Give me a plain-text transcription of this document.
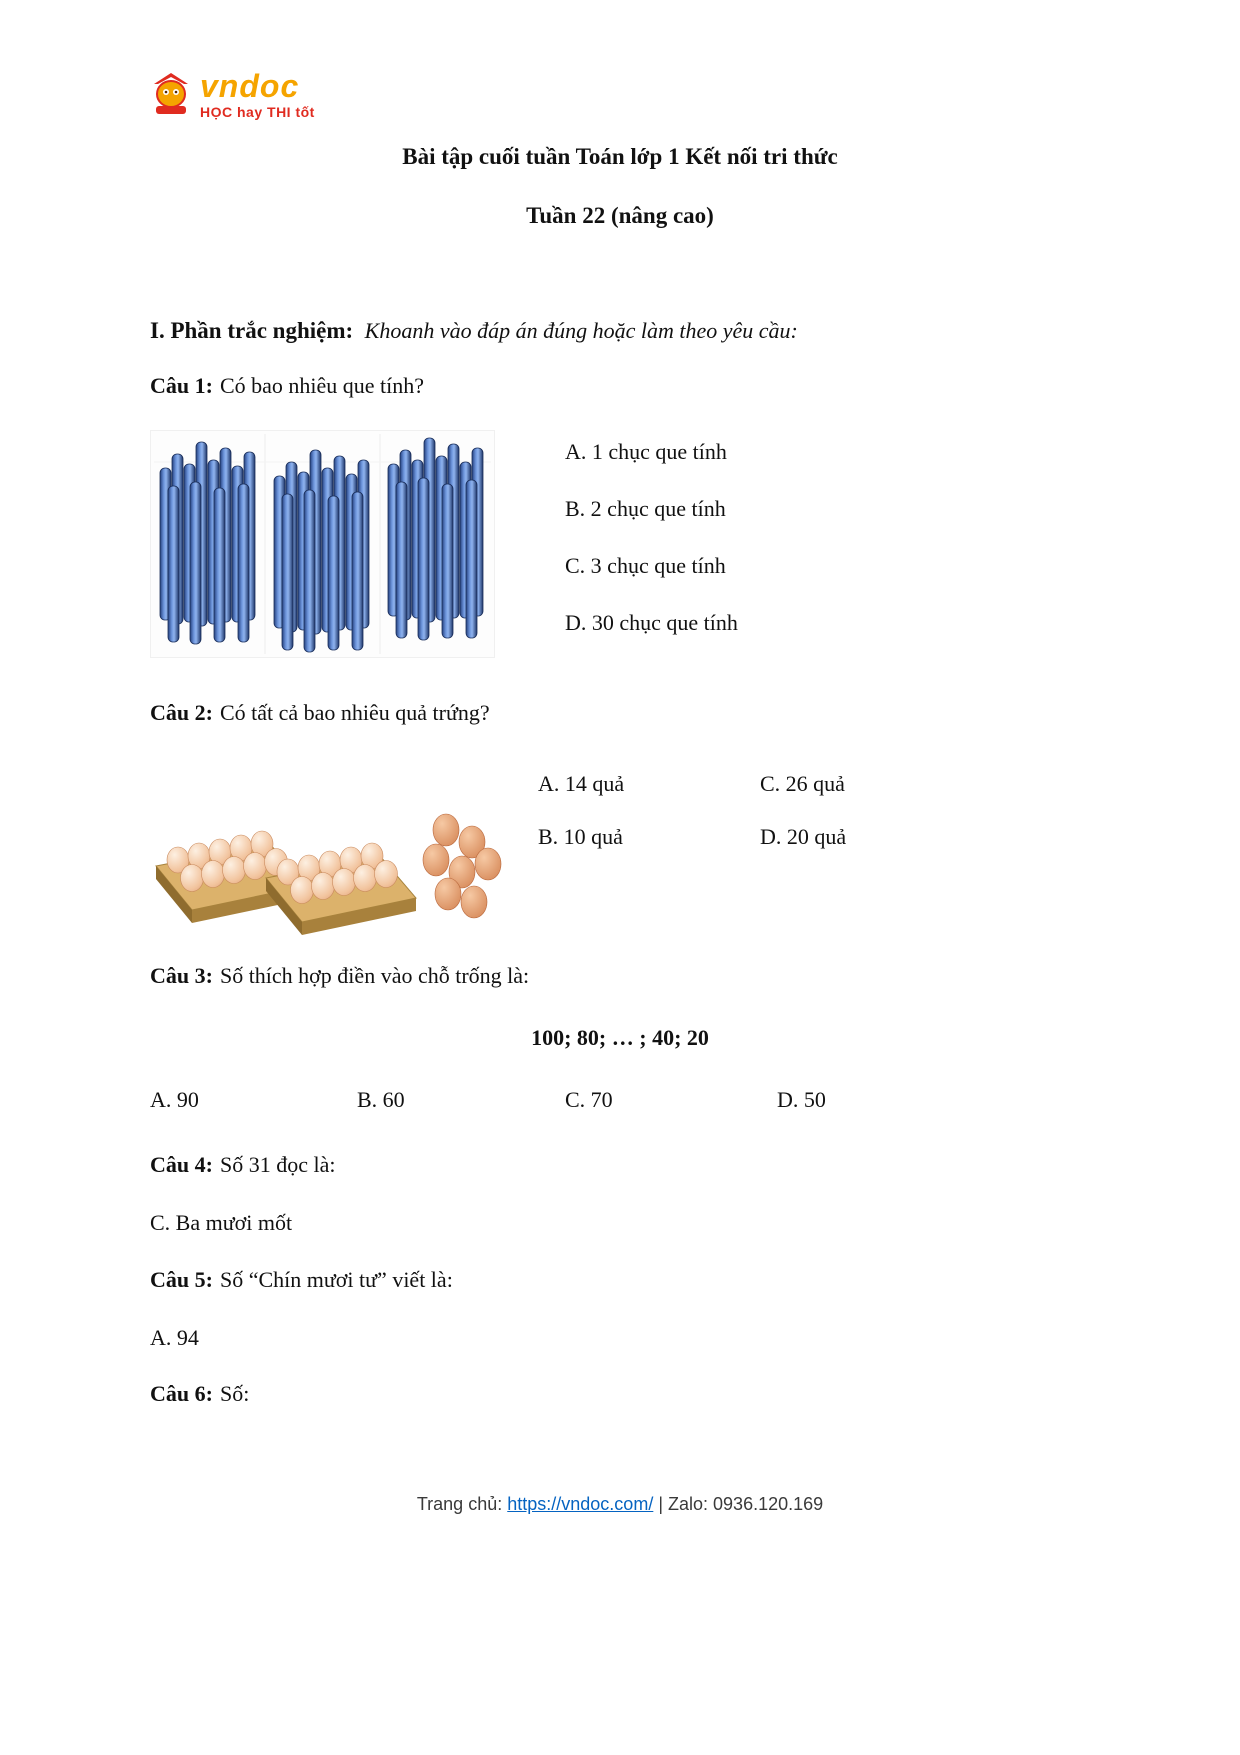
vndoc
HỌC hay THI tốt
Bài tập cuối tuần Toán lớp 1 Kết nối tri thức
Tuần 22 (nâng cao)
I. Phần trắc nghiệm: Khoanh vào đáp án đúng hoặc làm theo yêu cầu:
Câu 1: Có bao nhiêu que tính?
A. 1 chục que tính
B. 2 chục que tính
C. 3 chục que tính
D. 30 chục que tính
Câu 2: Có tất cả bao nhiêu quả trứng?
A. 14 quả	C. 26 quả
B. 10 quả	D. 20 quả
Câu 3: Số thích hợp điền vào chỗ trống là:
100; 80; … ; 40; 20
A. 90	B. 60	C. 70	D. 50
Câu 4: Số 31 đọc là:
C. Ba mươi mốt
Câu 5: Số “Chín mươi tư” viết là:
A. 94
Câu 6: Số:
Trang chủ: https://vndoc.com/ | Zalo: 0936.120.169
